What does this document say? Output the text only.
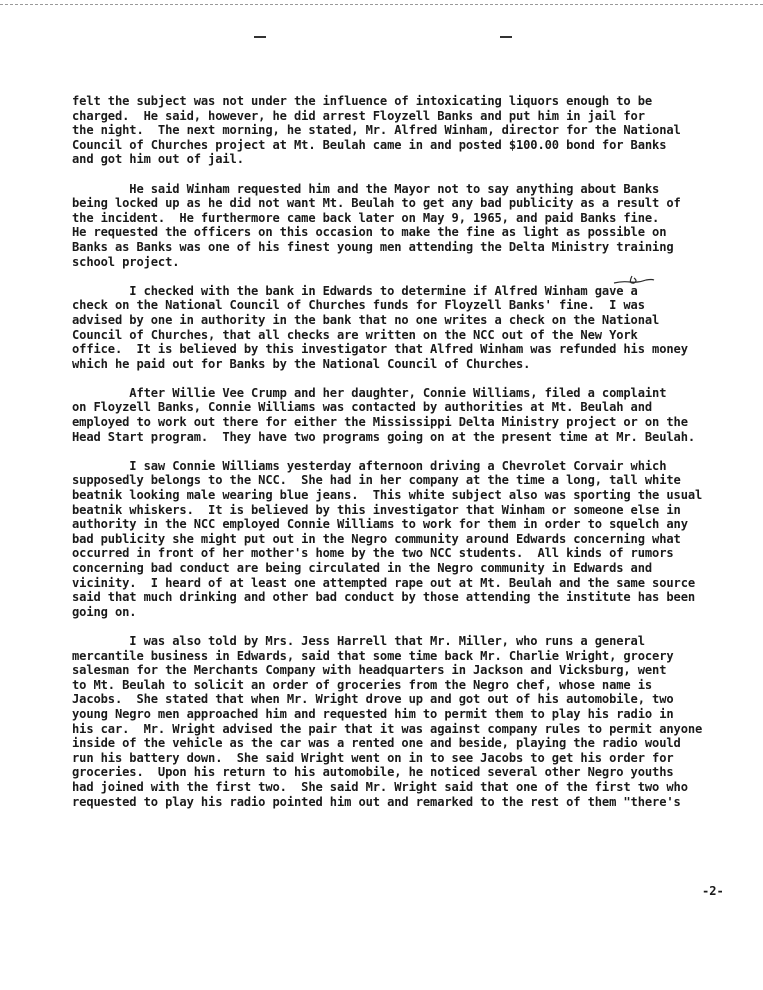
felt the subject was not under the influence of intoxicating liquors enough to be
charged.  He said, however, he did arrest Floyzell Banks and put him in jail for
the night.  The next morning, he stated, Mr. Alfred Winham, director for the National
Council of Churches project at Mt. Beulah came in and posted $100.00 bond for Banks
and got him out of jail.
He said Winham requested him and the Mayor not to say anything about Banks
being locked up as he did not want Mt. Beulah to get any bad publicity as a result of
the incident.  He furthermore came back later on May 9, 1965, and paid Banks fine.
He requested the officers on this occasion to make the fine as light as possible on
Banks as Banks was one of his finest young men attending the Delta Ministry training
school project.
I checked with the bank in Edwards to determine if Alfred Winham gave a
check on the National Council of Churches funds for Floyzell Banks' fine.  I was
advised by one in authority in the bank that no one writes a check on the National
Council of Churches, that all checks are written on the NCC out of the New York
office.  It is believed by this investigator that Alfred Winham was refunded his money
which he paid out for Banks by the National Council of Churches.
After Willie Vee Crump and her daughter, Connie Williams, filed a complaint
on Floyzell Banks, Connie Williams was contacted by authorities at Mt. Beulah and
employed to work out there for either the Mississippi Delta Ministry project or on the
Head Start program.  They have two programs going on at the present time at Mr. Beulah.
I saw Connie Williams yesterday afternoon driving a Chevrolet Corvair which
supposedly belongs to the NCC.  She had in her company at the time a long, tall white
beatnik looking male wearing blue jeans.  This white subject also was sporting the usual
beatnik whiskers.  It is believed by this investigator that Winham or someone else in
authority in the NCC employed Connie Williams to work for them in order to squelch any
bad publicity she might put out in the Negro community around Edwards concerning what
occurred in front of her mother's home by the two NCC students.  All kinds of rumors
concerning bad conduct are being circulated in the Negro community in Edwards and
vicinity.  I heard of at least one attempted rape out at Mt. Beulah and the same source
said that much drinking and other bad conduct by those attending the institute has been
going on.
I was also told by Mrs. Jess Harrell that Mr. Miller, who runs a general
mercantile business in Edwards, said that some time back Mr. Charlie Wright, grocery
salesman for the Merchants Company with headquarters in Jackson and Vicksburg, went
to Mt. Beulah to solicit an order of groceries from the Negro chef, whose name is
Jacobs.  She stated that when Mr. Wright drove up and got out of his automobile, two
young Negro men approached him and requested him to permit them to play his radio in
his car.  Mr. Wright advised the pair that it was against company rules to permit anyone
inside of the vehicle as the car was a rented one and beside, playing the radio would
run his battery down.  She said Wright went on in to see Jacobs to get his order for
groceries.  Upon his return to his automobile, he noticed several other Negro youths
had joined with the first two.  She said Mr. Wright said that one of the first two who
requested to play his radio pointed him out and remarked to the rest of them "there's
-2-
